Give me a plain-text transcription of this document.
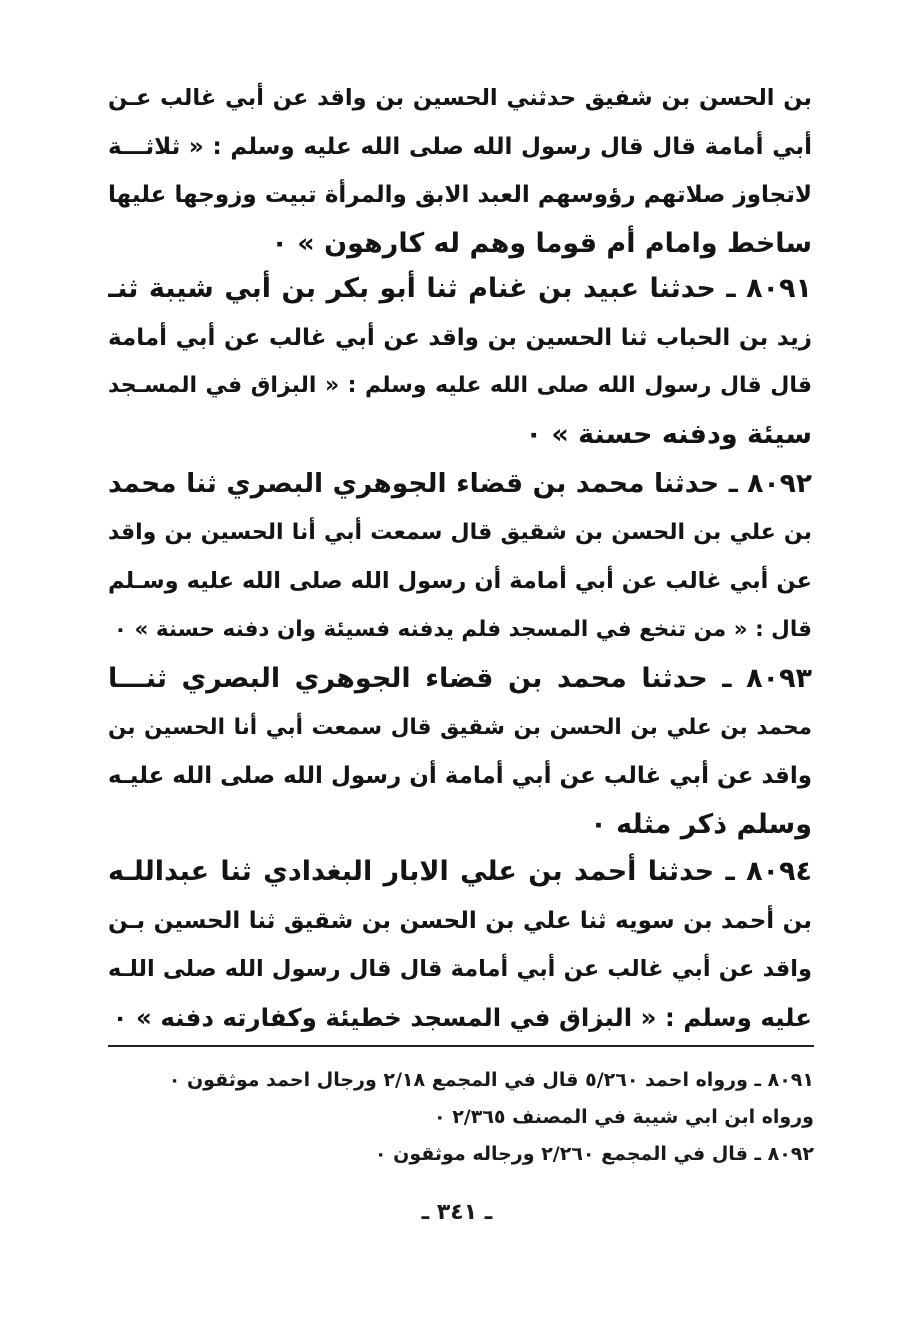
بن الحسن بن شفيق حدثني الحسين بن واقد عن أبي غالب عـن
أبي أمامة قال قال رسول الله صلى الله عليه وسلم : « ثلاثـــة
لاتجاوز صلاتهم رؤوسهم العبد الابق والمرأة تبيت وزوجها عليها
ساخط وامام أم قوما وهم له كارهون » ٠
٨٠٩١ ـ حدثنا عبيد بن غنام ثنا أبو بكر بن أبي شيبة ثنـ
زيد بن الحباب ثنا الحسين بن واقد عن أبي غالب عن أبي أمامة
قال قال رسول الله صلى الله عليه وسلم : « البزاق في المسـجد
سيئة ودفنه حسنة » ٠
٨٠٩٢ ـ حدثنا محمد بن قضاء الجوهري البصري ثنا محمد
بن علي بن الحسن بن شقيق قال سمعت أبي أنا الحسين بن واقد
عن أبي غالب عن أبي أمامة أن رسول الله صلى الله عليه وسـلم
قال : « من تنخع في المسجد فلم يدفنه فسيئة وان دفنه حسنة » ٠
٨٠٩٣ ـ حدثنا محمد بن قضاء الجوهري البصري ثنـــا
محمد بن علي بن الحسن بن شقيق قال سمعت أبي أنا الحسين بن
واقد عن أبي غالب عن أبي أمامة أن رسول الله صلى الله عليـه
وسلم ذكر مثله ٠
٨٠٩٤ ـ حدثنا أحمد بن علي الابار البغدادي ثنا عبداللـه
بن أحمد بن سويه ثنا علي بن الحسن بن شقيق ثنا الحسين بـن
واقد عن أبي غالب عن أبي أمامة قال قال رسول الله صلى اللـه
عليه وسلم : « البزاق في المسجد خطيئة وكفارته دفنه » ٠
٨٠٩١ ـ ورواه احمد ٥/٢٦٠ قال في المجمع ٢/١٨ ورجال احمد موثقون ٠
ورواه ابن ابي شيبة في المصنف ٢/٣٦٥ ٠
٨٠٩٢ ـ قال في المجمع ٢/٢٦٠ ورجاله موثقون ٠
ـ ٣٤١ ـ
